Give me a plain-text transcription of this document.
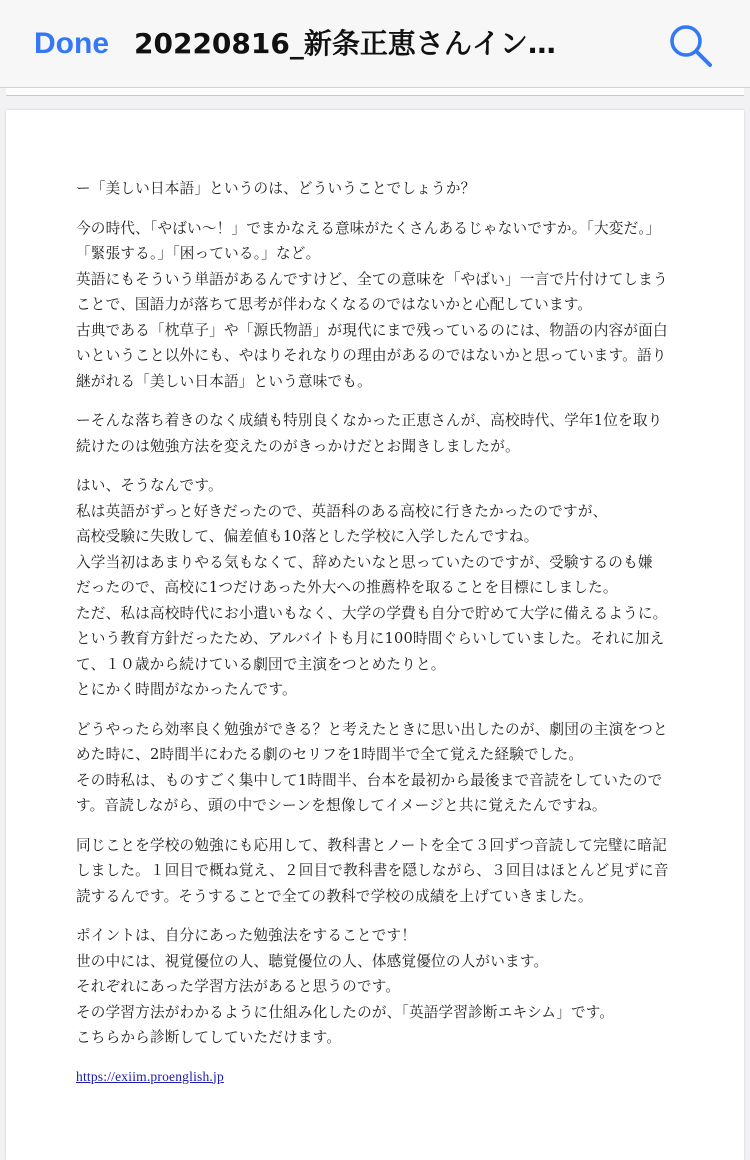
Done 20220816_新条正恵さんイン…
ー「美しい日本語」というのは、どういうことでしょうか？
今の時代、「やばい〜！」でまかなえる意味がたくさんあるじゃないですか。「大変だ。」
「緊張する。」「困っている。」など。
英語にもそういう単語があるんですけど、全ての意味を「やばい」一言で片付けてしまう
ことで、国語力が落ちて思考が伴わなくなるのではないかと心配しています。
古典である「枕草子」や「源氏物語」が現代にまで残っているのには、物語の内容が面白
いということ以外にも、やはりそれなりの理由があるのではないかと思っています。語り
継がれる「美しい日本語」という意味でも。
ーそんな落ち着きのなく成績も特別良くなかった正恵さんが、高校時代、学年1位を取り
続けたのは勉強方法を変えたのがきっかけだとお聞きしましたが。
はい、そうなんです。
私は英語がずっと好きだったので、英語科のある高校に行きたかったのですが、
高校受験に失敗して、偏差値も10落とした学校に入学したんですね。
入学当初はあまりやる気もなくて、辞めたいなと思っていたのですが、受験するのも嫌
だったので、高校に1つだけあった外大への推薦枠を取ることを目標にしました。
ただ、私は高校時代にお小遣いもなく、大学の学費も自分で貯めて大学に備えるように。
という教育方針だったため、アルバイトも月に100時間ぐらいしていました。それに加え
て、１０歳から続けている劇団で主演をつとめたりと。
とにかく時間がなかったんです。
どうやったら効率良く勉強ができる？と考えたときに思い出したのが、劇団の主演をつと
めた時に、2時間半にわたる劇のセリフを1時間半で全て覚えた経験でした。
その時私は、ものすごく集中して1時間半、台本を最初から最後まで音読をしていたので
す。音読しながら、頭の中でシーンを想像してイメージと共に覚えたんですね。
同じことを学校の勉強にも応用して、教科書とノートを全て３回ずつ音読して完璧に暗記
しました。１回目で概ね覚え、２回目で教科書を隠しながら、３回目はほとんど見ずに音
読するんです。そうすることで全ての教科で学校の成績を上げていきました。
ポイントは、自分にあった勉強法をすることです！
世の中には、視覚優位の人、聴覚優位の人、体感覚優位の人がいます。
それぞれにあった学習方法があると思うのです。
その学習方法がわかるように仕組み化したのが、「英語学習診断エキシム」です。
こちらから診断してしていただけます。
https://exiim.proenglish.jp
